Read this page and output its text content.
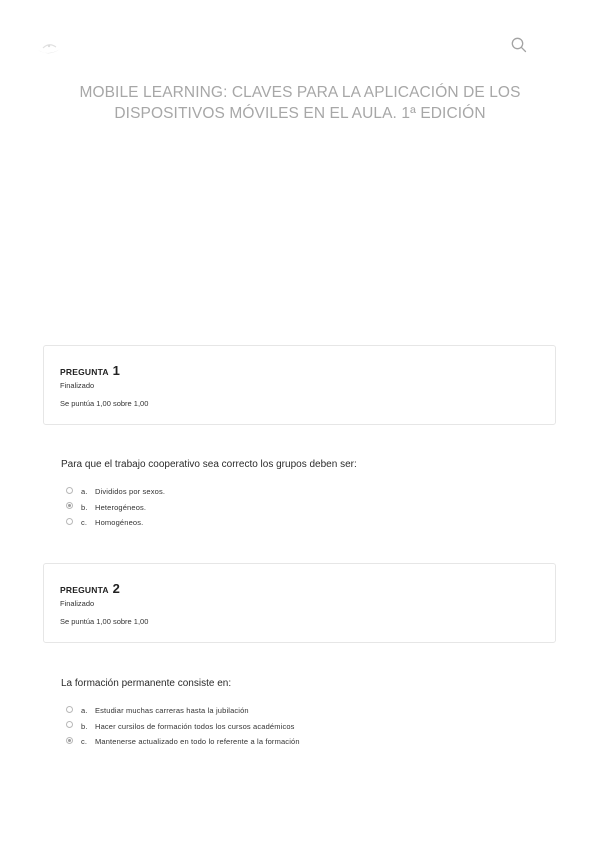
MOBILE LEARNING: CLAVES PARA LA APLICACIÓN DE LOS DISPOSITIVOS MÓVILES EN EL AULA. 1ª EDICIÓN
PREGUNTA 1
Finalizado
Se puntúa 1,00 sobre 1,00

Para que el trabajo cooperativo sea correcto los grupos deben ser:

a. Divididos por sexos.
b. Heterogéneos.
c.	Homogéneos.
PREGUNTA 2
Finalizado
Se puntúa 1,00 sobre 1,00

La formación permanente consiste en:

a. Estudiar muchas carreras hasta la jubilación
b. Hacer cursilos de formación todos los cursos académicos
c.	Mantenerse actualizado en todo lo referente a la formación
